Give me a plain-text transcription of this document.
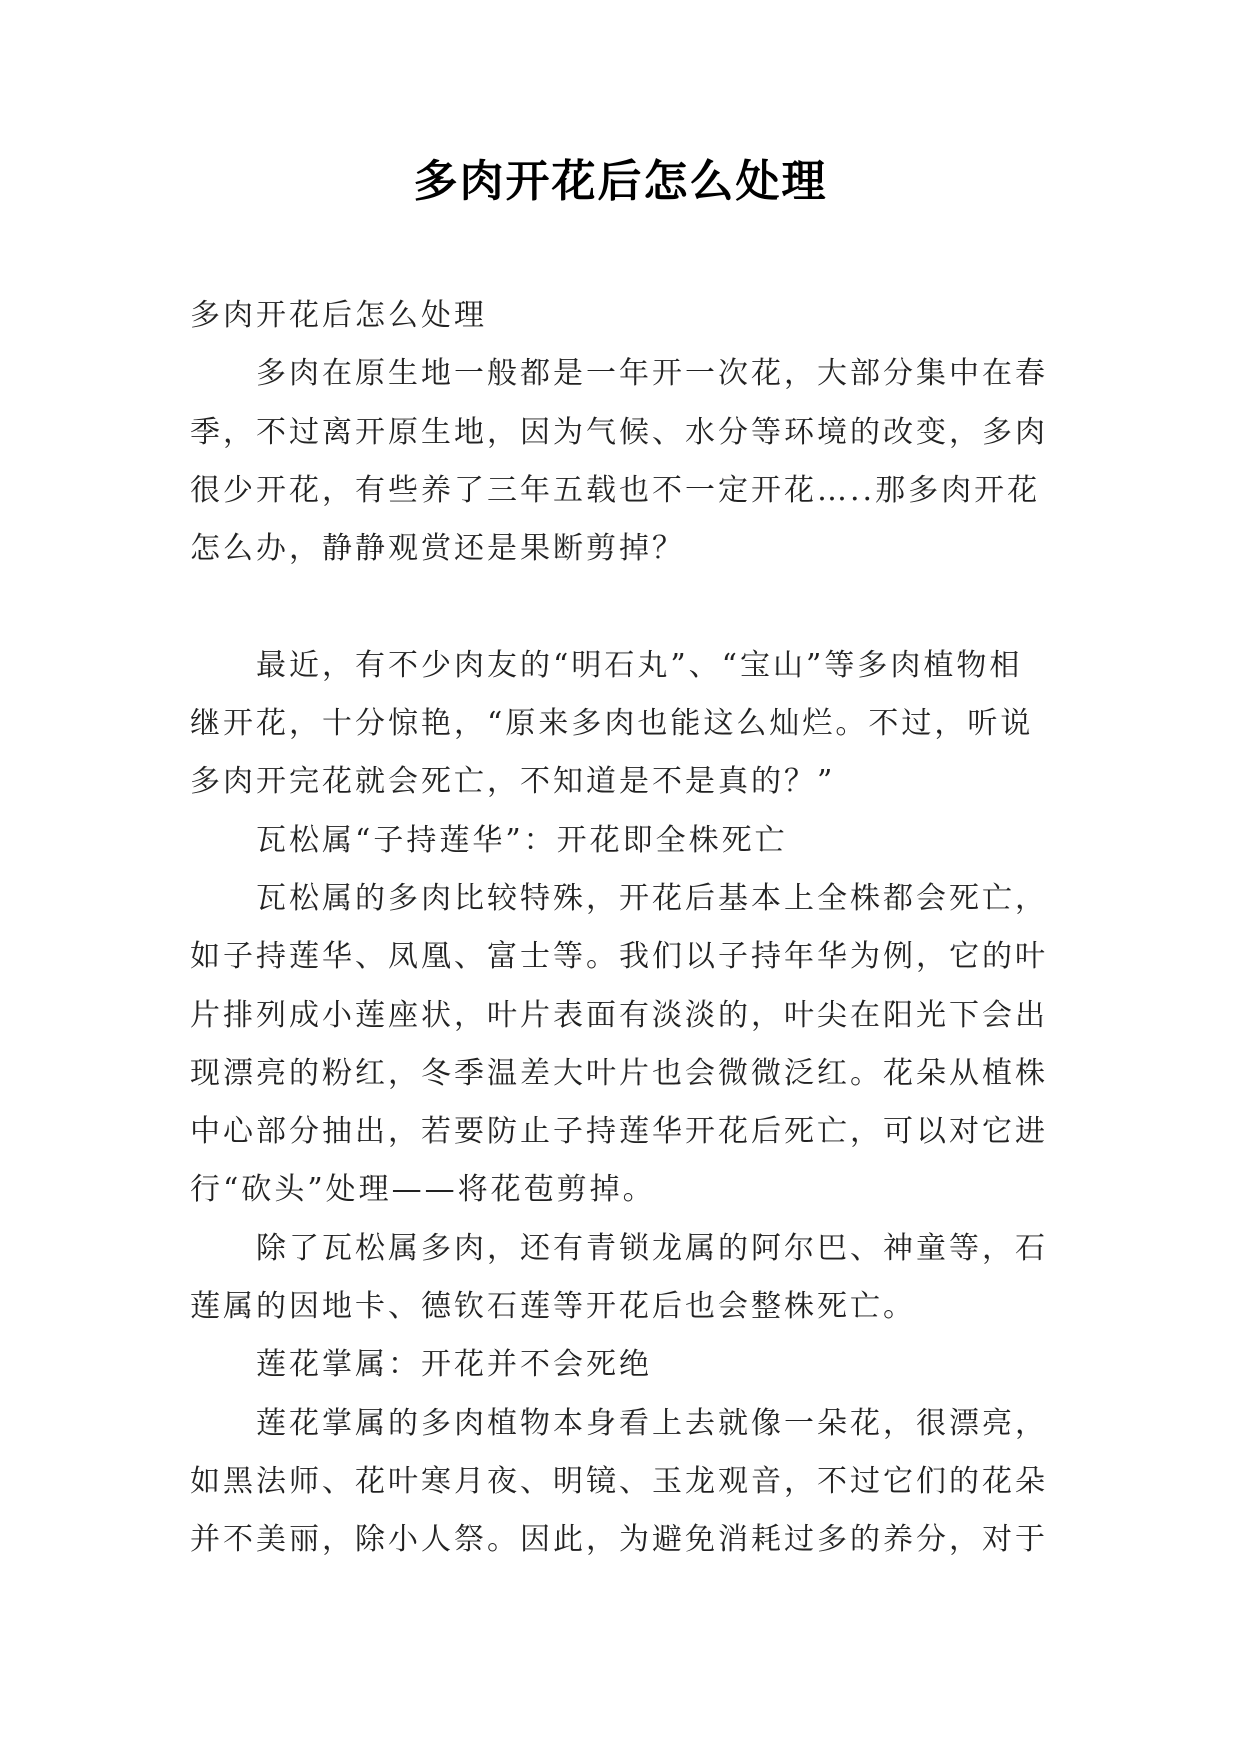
多肉开花后怎么处理
多肉开花后怎么处理
多肉在原生地一般都是一年开一次花，大部分集中在春
季，不过离开原生地，因为气候、水分等环境的改变，多肉
很少开花，有些养了三年五载也不一定开花…..那多肉开花
怎么办，静静观赏还是果断剪掉？
最近，有不少肉友的“明石丸”、“宝山”等多肉植物相
继开花，十分惊艳，“原来多肉也能这么灿烂。不过，听说
多肉开完花就会死亡，不知道是不是真的？”
瓦松属“子持莲华”：开花即全株死亡
瓦松属的多肉比较特殊，开花后基本上全株都会死亡，
如子持莲华、凤凰、富士等。我们以子持年华为例，它的叶
片排列成小莲座状，叶片表面有淡淡的，叶尖在阳光下会出
现漂亮的粉红，冬季温差大叶片也会微微泛红。花朵从植株
中心部分抽出，若要防止子持莲华开花后死亡，可以对它进
行“砍头”处理——将花苞剪掉。
除了瓦松属多肉，还有青锁龙属的阿尔巴、神童等，石
莲属的因地卡、德钦石莲等开花后也会整株死亡。
莲花掌属：开花并不会死绝
莲花掌属的多肉植物本身看上去就像一朵花，很漂亮，
如黑法师、花叶寒月夜、明镜、玉龙观音，不过它们的花朵
并不美丽，除小人祭。因此，为避免消耗过多的养分，对于
